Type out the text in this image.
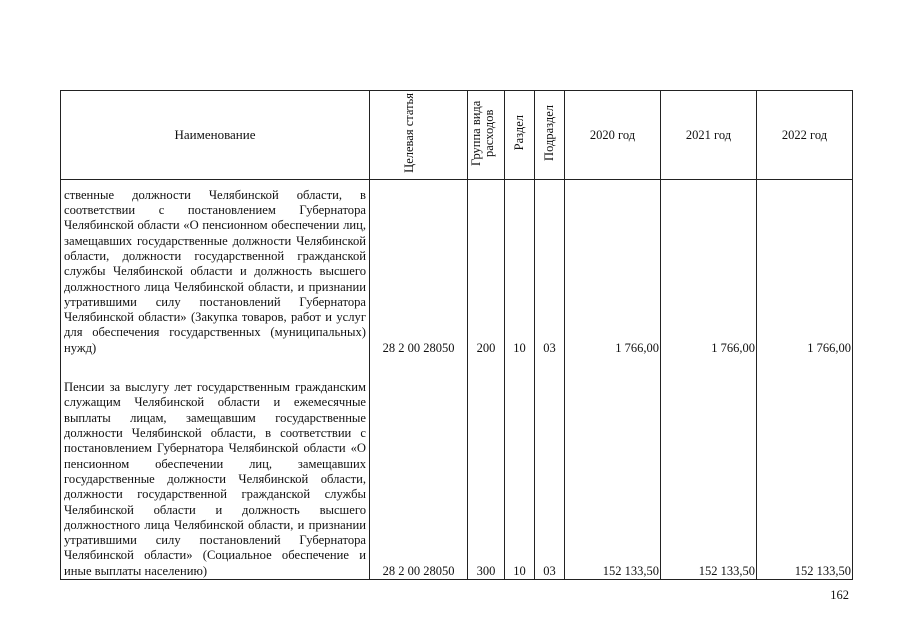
Наименование	Целевая статья	Группа вида расходов	Раздел	Подраздел	2020 год	2021 год	2022 год
ственные должности Челябинской области, в соответствии с постановлением Губернатора Челябинской области «О пенсионном обеспечении лиц, замещавших государственные должности Челябинской области, должности государственной гражданской службы Челябинской области и должность высшего должностного лица Челябинской области, и признании утратившими силу постановлений Губернатора Челябинской области» (Закупка товаров, работ и услуг для обеспечения государственных (муниципальных) нужд)	28 2 00 28050	200	10	03	1 766,00	1 766,00	1 766,00
Пенсии за выслугу лет государственным гражданским служащим Челябинской области и ежемесячные выплаты лицам, замещавшим государственные должности Челябинской области, в соответствии с постановлением Губернатора Челябинской области «О пенсионном обеспечении лиц, замещавших государственные должности Челябинской области, должности государственной гражданской службы Челябинской области и должность высшего должностного лица Челябинской области, и признании утратившими силу постановлений Губернатора Челябинской области» (Социальное обеспечение и иные выплаты населению)	28 2 00 28050	300	10	03	152 133,50	152 133,50	152 133,50
162
